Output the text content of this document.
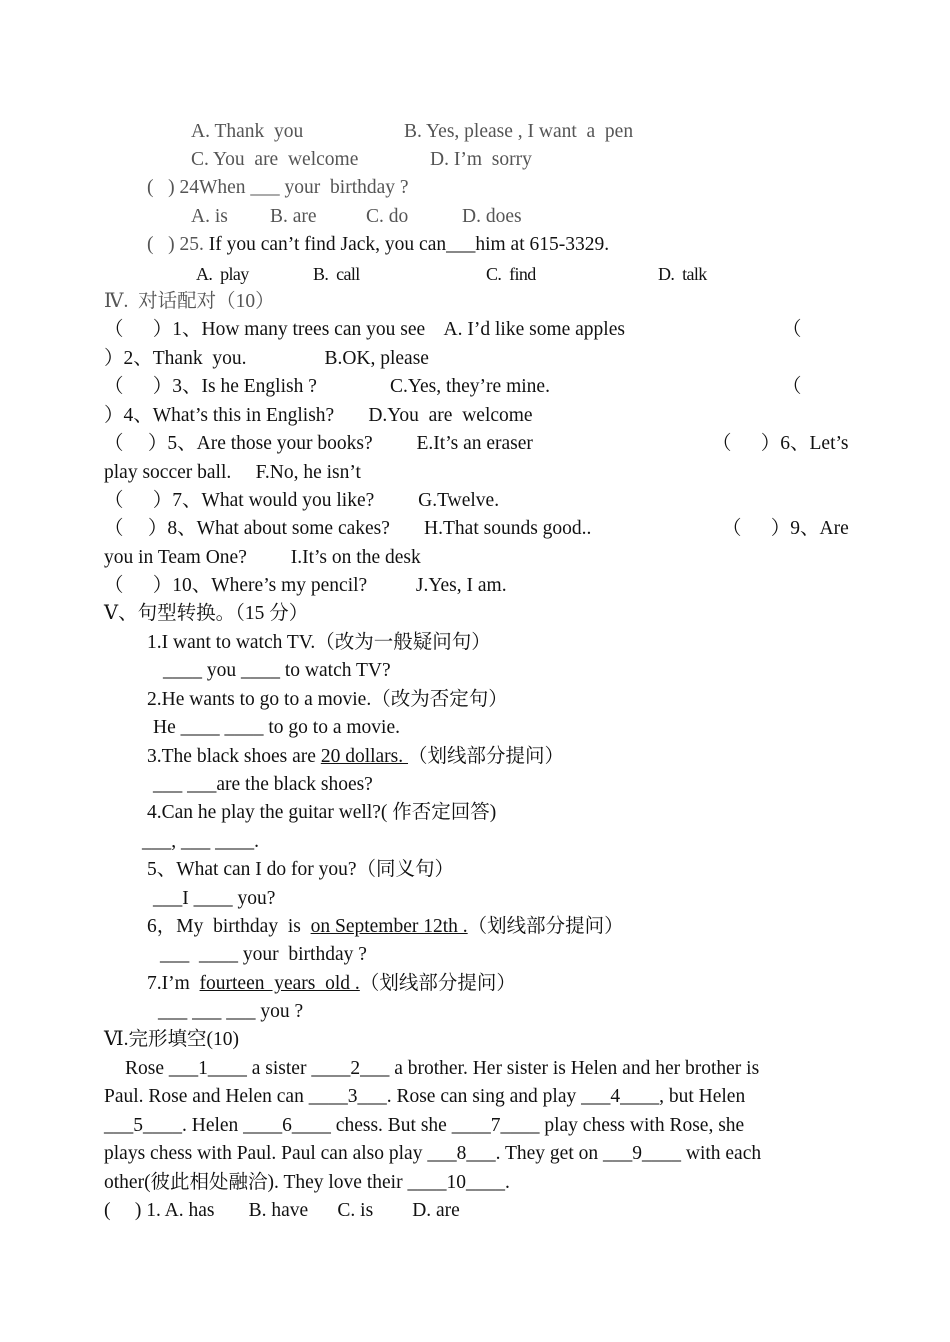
A. Thank  you	B. Yes, please , I want  a  pen
C. You  are  welcome	D. I’m  sorry
(   ) 24When ___ your  birthday ?
A. is B. are	C. do	D. does
(   ) 25. If you can’t find Jack, you can___him at 615-3329.
A.  play	B.  call	C.  find	D.  talk
Ⅳ.  对话配对（10）
（      ）1、How many trees can you see    A. I’d like some apples	（
）2、Thank  you.                B.OK, please
（      ）3、Is he English ?               C.Yes, they’re mine.	（
）4、What’s this in English?       D.You  are  welcome
（     ）5、Are those your books?         E.It’s an eraser	（      ）6、Let’s
play soccer ball.     F.No, he isn’t
（      ）7、What would you like?         G.Twelve.
（     ）8、What about some cakes?       H.That sounds good..	（      ）9、Are
you in Team One?         I.It’s on the desk
（      ）10、Where’s my pencil?          J.Yes, I am.
Ⅴ、句型转换。（15 分）
1.I want to watch TV.（改为一般疑问句）
____ you ____ to watch TV?
2.He wants to go to a movie.（改为否定句）
He ____ ____ to go to a movie.
3.The black shoes are 20 dollars. （划线部分提问）
___ ___are the black shoes?
4.Can he play the guitar well?( 作否定回答)
___, ___ ____.
5、What can I do for you?（同义句）
___I ____ you?
6，My  birthday  is  on September 12th .（划线部分提问）
___  ____ your  birthday ?
7.I’m  fourteen  years  old .（划线部分提问）
___ ___ ___ you ?
Ⅵ.完形填空(10)
Rose ___1____ a sister ____2___ a brother. Her sister is Helen and her brother is
Paul. Rose and Helen can ____3___. Rose can sing and play ___4____, but Helen
___5____. Helen ____6____ chess. But she ____7____ play chess with Rose, she
plays chess with Paul. Paul can also play ___8___. They get on ___9____ with each
other(彼此相处融洽). They love their ____10____.
(     ) 1. A. has       B. have      C. is        D. are
